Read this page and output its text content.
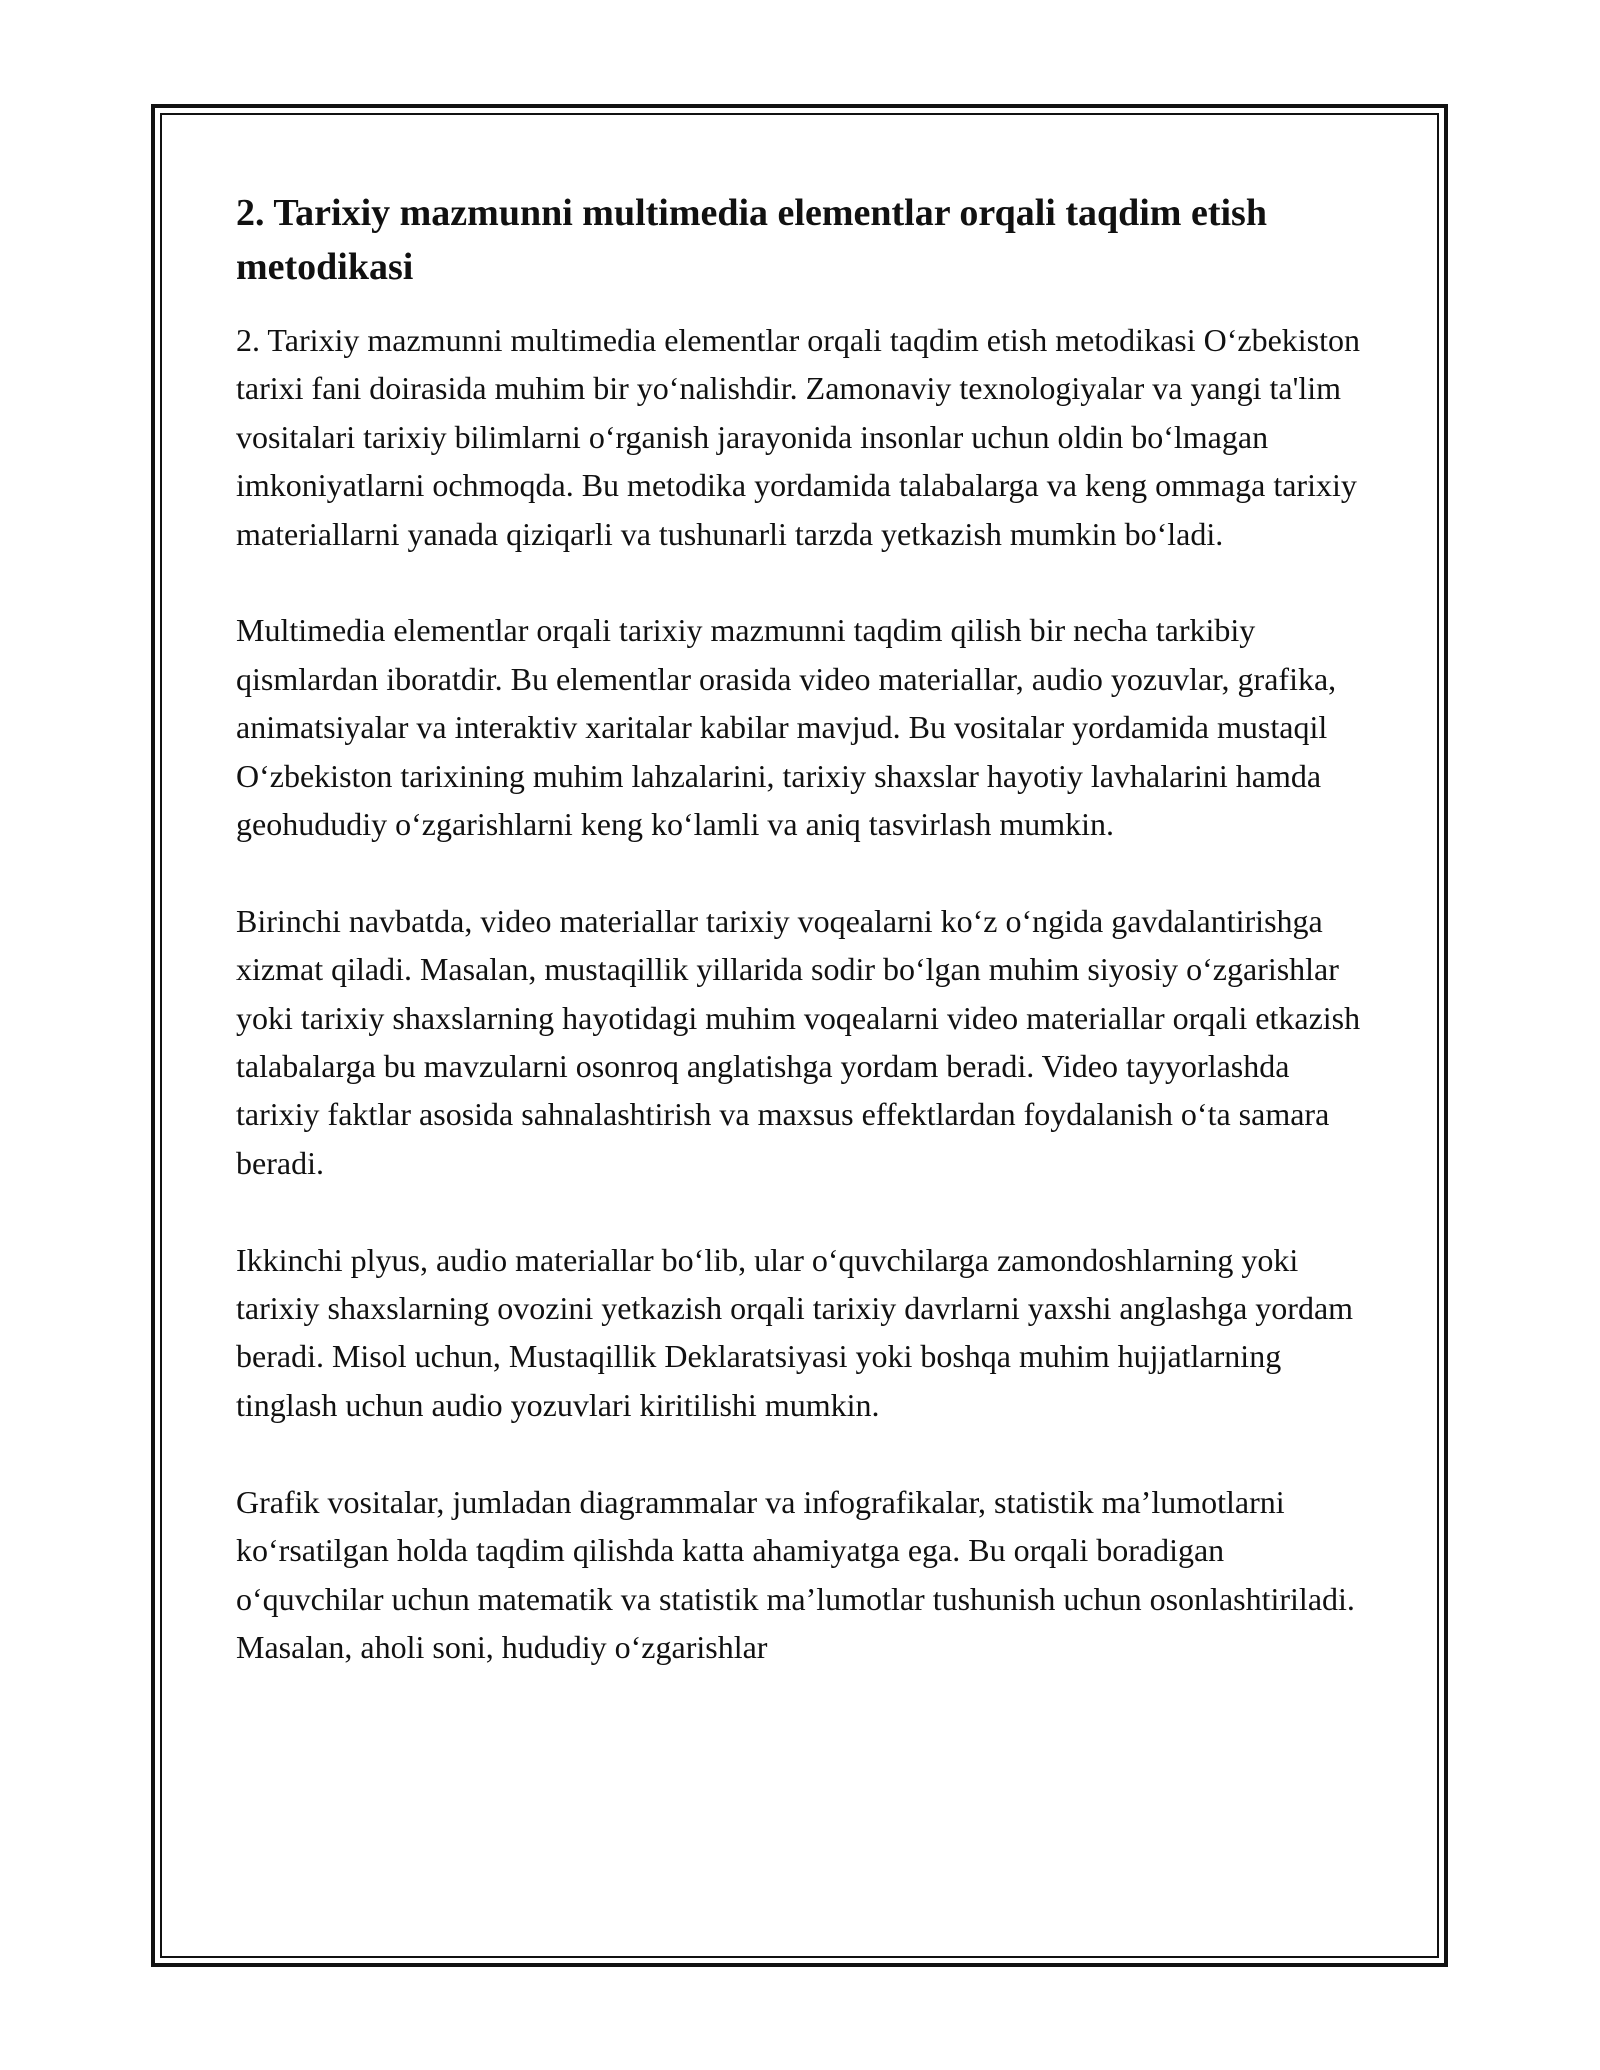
2. Tarixiy mazmunni multimedia elementlar orqali taqdim etish metodikasi

2. Tarixiy mazmunni multimedia elementlar orqali taqdim etish metodikasi O‘zbekiston tarixi fani doirasida muhim bir yo‘nalishdir. Zamonaviy texnologiyalar va yangi ta'lim vositalari tarixiy bilimlarni o‘rganish jarayonida insonlar uchun oldin bo‘lmagan imkoniyatlarni ochmoqda. Bu metodika yordamida talabalarga va keng ommaga tarixiy materiallarni yanada qiziqarli va tushunarli tarzda yetkazish mumkin bo‘ladi.

Multimedia elementlar orqali tarixiy mazmunni taqdim qilish bir necha tarkibiy qismlardan iboratdir. Bu elementlar orasida video materiallar, audio yozuvlar, grafika, animatsiyalar va interaktiv xaritalar kabilar mavjud. Bu vositalar yordamida mustaqil O‘zbekiston tarixining muhim lahzalarini, tarixiy shaxslar hayotiy lavhalarini hamda geohududiy o‘zgarishlarni keng ko‘lamli va aniq tasvirlash mumkin.

Birinchi navbatda, video materiallar tarixiy voqealarni ko‘z o‘ngida gavdalantirishga xizmat qiladi. Masalan, mustaqillik yillarida sodir bo‘lgan muhim siyosiy o‘zgarishlar yoki tarixiy shaxslarning hayotidagi muhim voqealarni video materiallar orqali etkazish talabalarga bu mavzularni osonroq anglatishga yordam beradi. Video tayyorlashda tarixiy faktlar asosida sahnalashtirish va maxsus effektlardan foydalanish o‘ta samara beradi.

Ikkinchi plyus, audio materiallar bo‘lib, ular o‘quvchilarga zamondoshlarning yoki tarixiy shaxslarning ovozini yetkazish orqali tarixiy davrlarni yaxshi anglashga yordam beradi. Misol uchun, Mustaqillik Deklaratsiyasi yoki boshqa muhim hujjatlarning tinglash uchun audio yozuvlari kiritilishi mumkin.

Grafik vositalar, jumladan diagrammalar va infografikalar, statistik ma’lumotlarni ko‘rsatilgan holda taqdim qilishda katta ahamiyatga ega. Bu orqali boradigan o‘quvchilar uchun matematik va statistik ma’lumotlar tushunish uchun osonlashtiriladi. Masalan, aholi soni, hududiy o‘zgarishlar
